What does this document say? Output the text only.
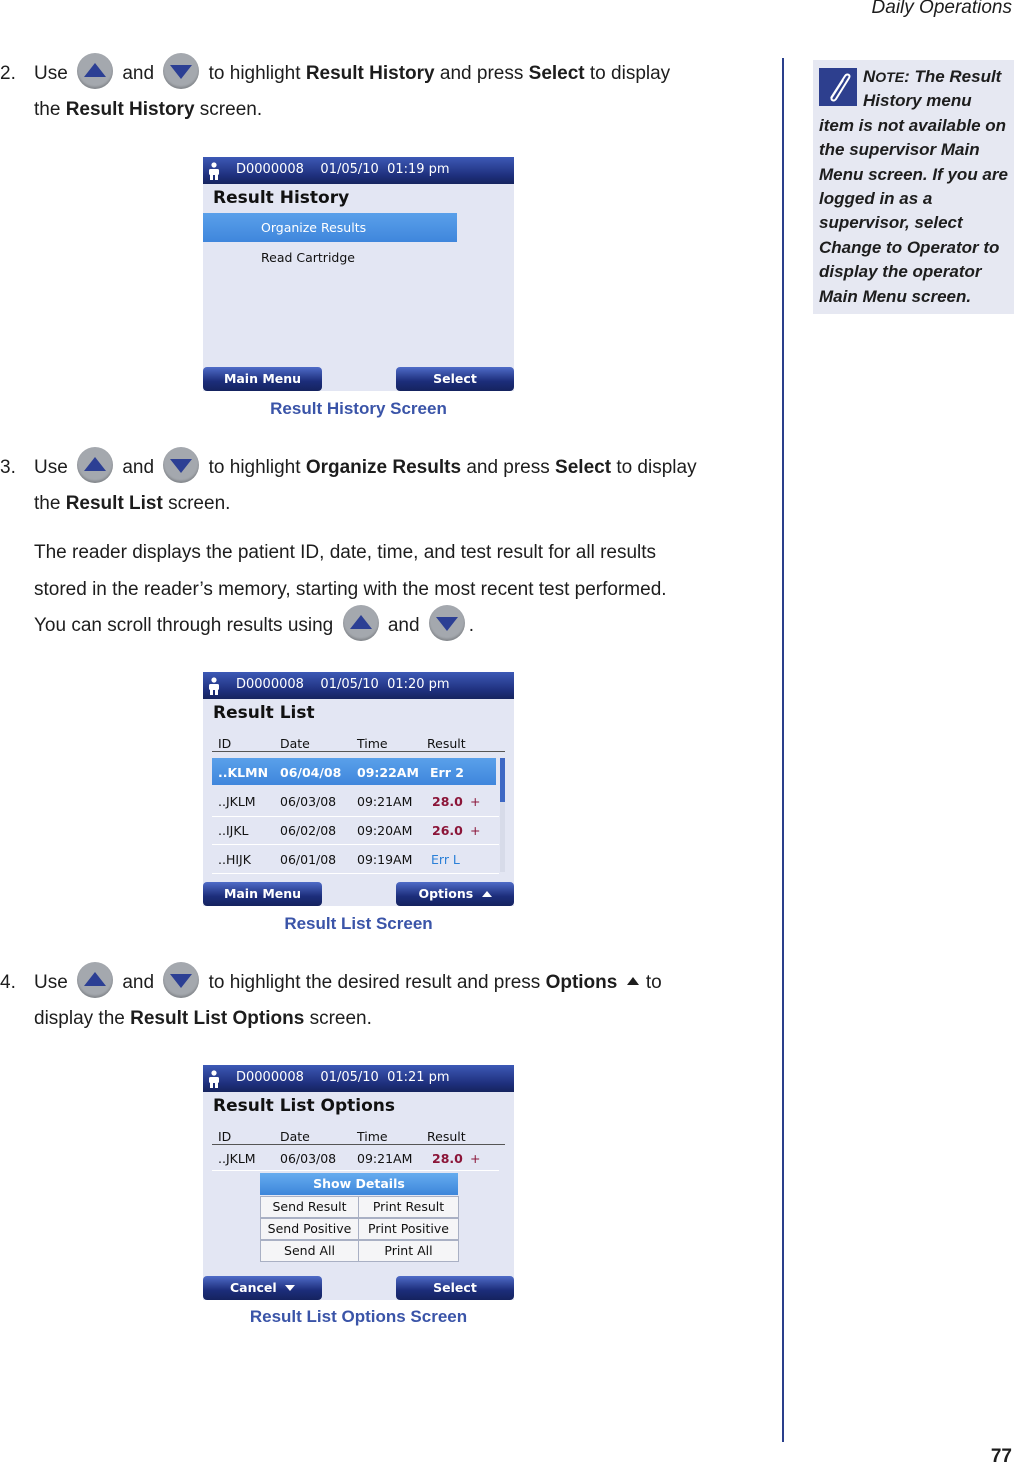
Daily Operations
77
NOTE: The Result History menu item is not available on the supervisor Main Menu screen. If you are logged in as a supervisor, select Change to Operator to display the operator Main Menu screen.
2. Use	and	to highlight Result History and press Select to display
the Result History screen.
D0000008    01/05/10  01:19 pm
Result History
Organize Results
Read Cartridge
Main Menu	Select
Result History Screen
3. Use	and	to highlight Organize Results and press Select to display
the Result List screen.
The reader displays the patient ID, date, time, and test result for all results
stored in the reader’s memory, starting with the most recent test performed.
You can scroll through results using	and	.
D0000008    01/05/10  01:20 pm
Result List
ID	Date	Time	Result
..KLMN 06/04/08 09:22AM Err 2
..JKLM 06/03/08 09:21AM 28.0 +
..IJKL	06/02/08 09:20AM 26.0 +
..HIJK 06/01/08 09:19AM Err L
Main Menu	Options
Result List Screen
4. Use	and	to highlight the desired result and press Options to
display the Result List Options screen.
D0000008    01/05/10  01:21 pm
Result List Options
ID	Date	Time	Result
..JKLM 06/03/08 09:21AM 28.0 +
Show Details
Send Result	Print Result
Send Positive	Print Positive
Send All	Print All
Cancel	Select
Result List Options Screen
